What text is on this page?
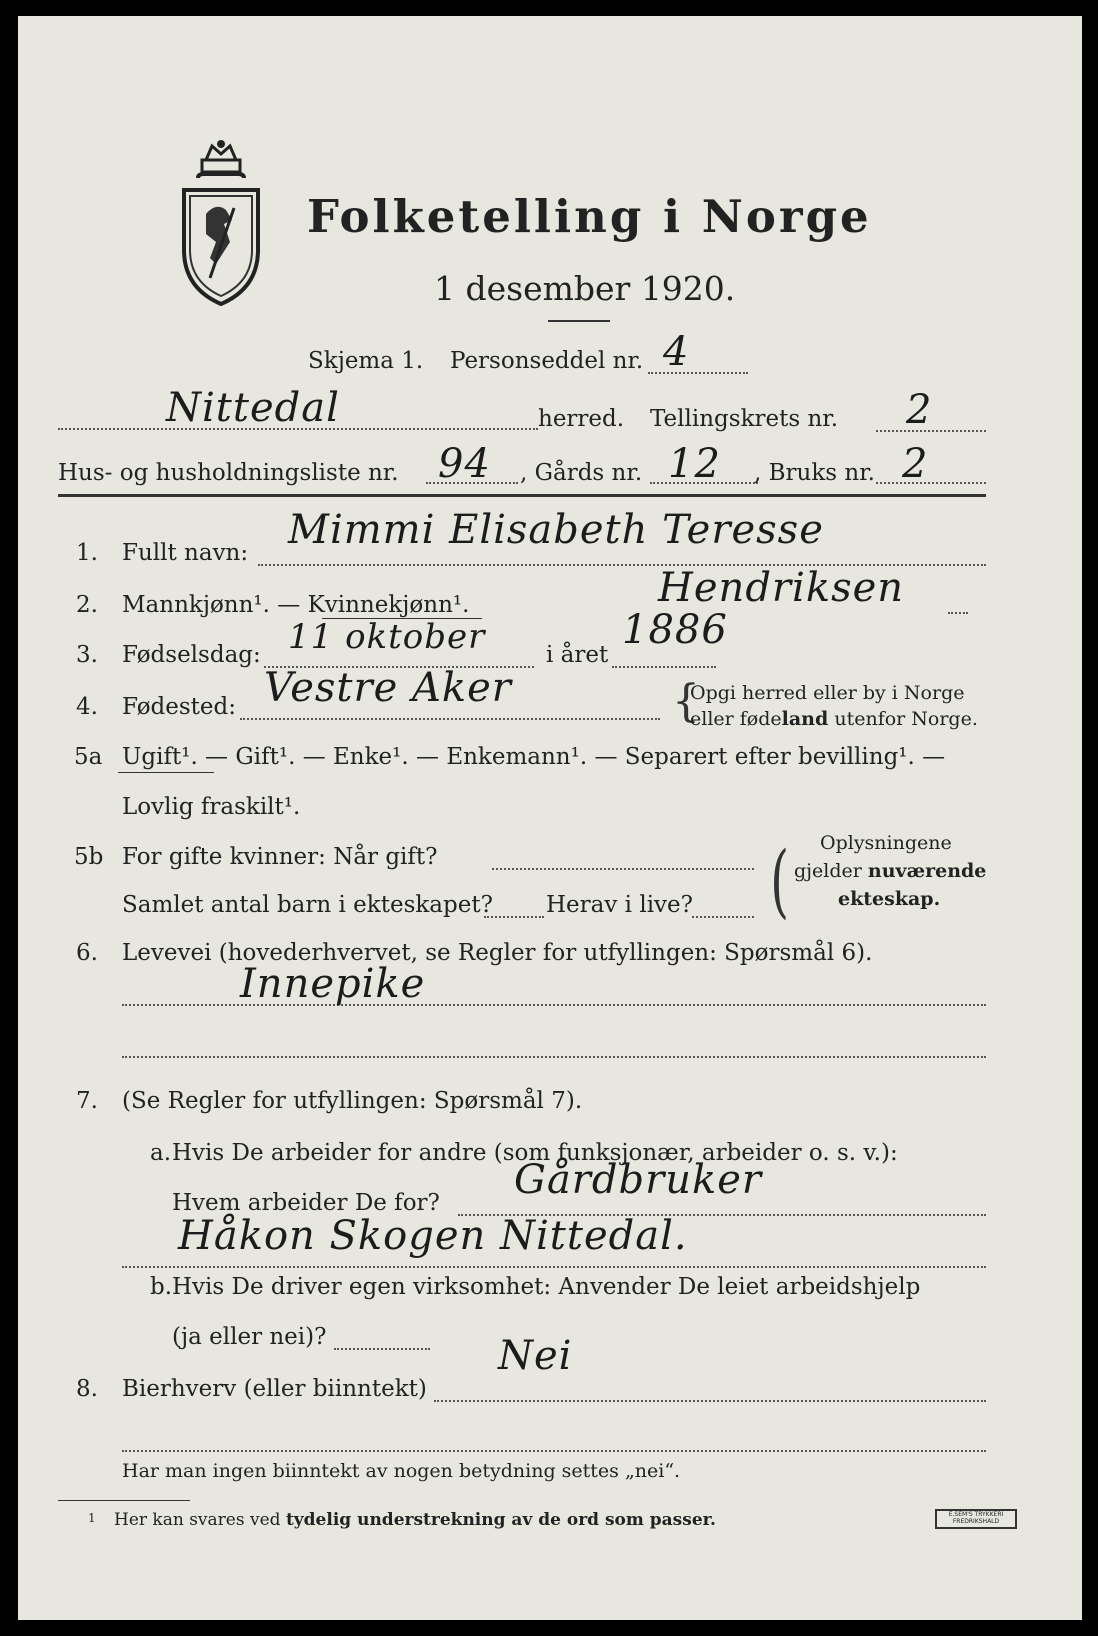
Folketelling i Norge
1 desember 1920.
Skjema 1. Personseddel nr. 4
Nittedal	herred. Tellingskrets nr. 2
Hus- og husholdningsliste nr. 94 , Gårds nr. 12 , Bruks nr. 2
1. Fullt navn: Mimmi Elisabeth Teresse
2. Mannkjønn¹. — Kvinnekjønn¹.	Hendriksen
3. Fødselsdag: 11 oktober	i året
1886
4. Fødested: Vestre Aker	{
Opgi herred eller by i Norge
eller fødeland utenfor Norge.
5a Ugift¹. — Gift¹. — Enke¹. — Enkemann¹. — Separert efter bevilling¹. —
Lovlig fraskilt¹.
5b For gifte kvinner: Når gift?
Samlet antal barn i ekteskapet? Herav i live? ( Oplysningene
gjelder nuværende
ekteskap.
6. Levevei (hovederhvervet, se Regler for utfyllingen: Spørsmål 6).
Innepike
7. (Se Regler for utfyllingen: Spørsmål 7).
a. Hvis De arbeider for andre (som funksjonær, arbeider o. s. v.):
Hvem arbeider De for? Gårdbruker
Håkon Skogen Nittedal.
b. Hvis De driver egen virksomhet: Anvender De leiet arbeidshjelp
(ja eller nei)?
8. Bierhverv (eller biinntekt)
Nei
Har man ingen biinntekt av nogen betydning settes „nei“.
1 Her kan svares ved tydelig understrekning av de ord som passer.	E.SEM'S TRYKKERI FREDRIKSHALD
